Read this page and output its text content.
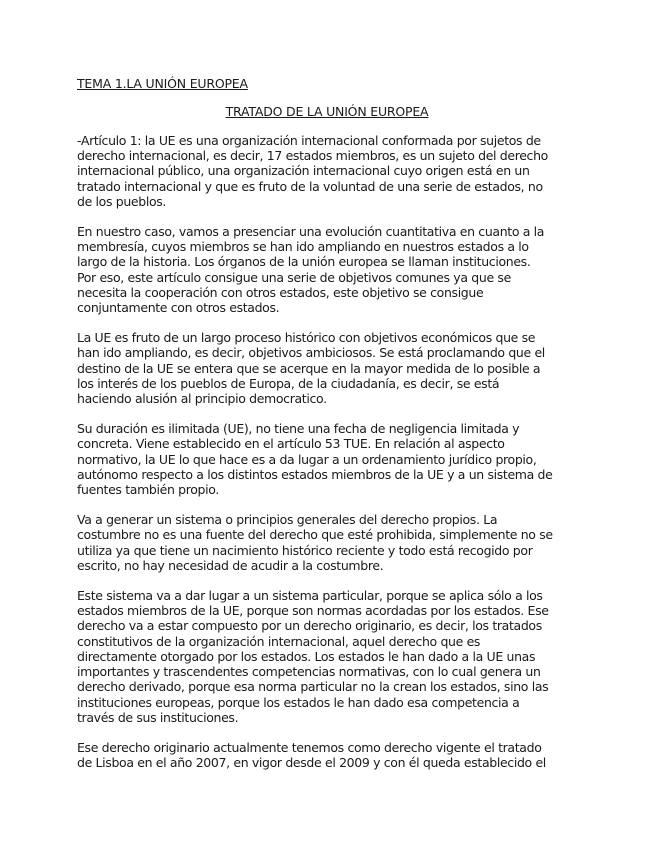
TEMA 1.LA UNIÓN EUROPEA
TRATADO DE LA UNIÓN EUROPEA
-Artículo 1: la UE es una organización internacional conformada por sujetos de
derecho internacional, es decir, 17 estados miembros, es un sujeto del derecho
internacional público, una organización internacional cuyo origen está en un
tratado internacional y que es fruto de la voluntad de una serie de estados, no
de los pueblos.
En nuestro caso, vamos a presenciar una evolución cuantitativa en cuanto a la
membresía, cuyos miembros se han ido ampliando en nuestros estados a lo
largo de la historia. Los órganos de la unión europea se llaman instituciones.
Por eso, este artículo consigue una serie de objetivos comunes ya que se
necesita la cooperación con otros estados, este objetivo se consigue
conjuntamente con otros estados.
La UE es fruto de un largo proceso histórico con objetivos económicos que se
han ido ampliando, es decir, objetivos ambiciosos. Se está proclamando que el
destino de la UE se entera que se acerque en la mayor medida de lo posible a
los interés de los pueblos de Europa, de la ciudadanía, es decir, se está
haciendo alusión al principio democratico.
Su duración es ilimitada (UE), no tiene una fecha de negligencia limitada y
concreta. Viene establecido en el artículo 53 TUE. En relación al aspecto
normativo, la UE lo que hace es a da lugar a un ordenamiento jurídico propio,
autónomo respecto a los distintos estados miembros de la UE y a un sistema de
fuentes también propio.
Va a generar un sistema o principios generales del derecho propios. La
costumbre no es una fuente del derecho que esté prohibida, simplemente no se
utiliza ya que tiene un nacimiento histórico reciente y todo está recogido por
escrito, no hay necesidad de acudir a la costumbre.
Este sistema va a dar lugar a un sistema particular, porque se aplica sólo a los
estados miembros de la UE, porque son normas acordadas por los estados. Ese
derecho va a estar compuesto por un derecho originario, es decir, los tratados
constitutivos de la organización internacional, aquel derecho que es
directamente otorgado por los estados. Los estados le han dado a la UE unas
importantes y trascendentes competencias normativas, con lo cual genera un
derecho derivado, porque esa norma particular no la crean los estados, sino las
instituciones europeas, porque los estados le han dado esa competencia a
través de sus instituciones.
Ese derecho originario actualmente tenemos como derecho vigente el tratado
de Lisboa en el año 2007, en vigor desde el 2009 y con él queda establecido el
